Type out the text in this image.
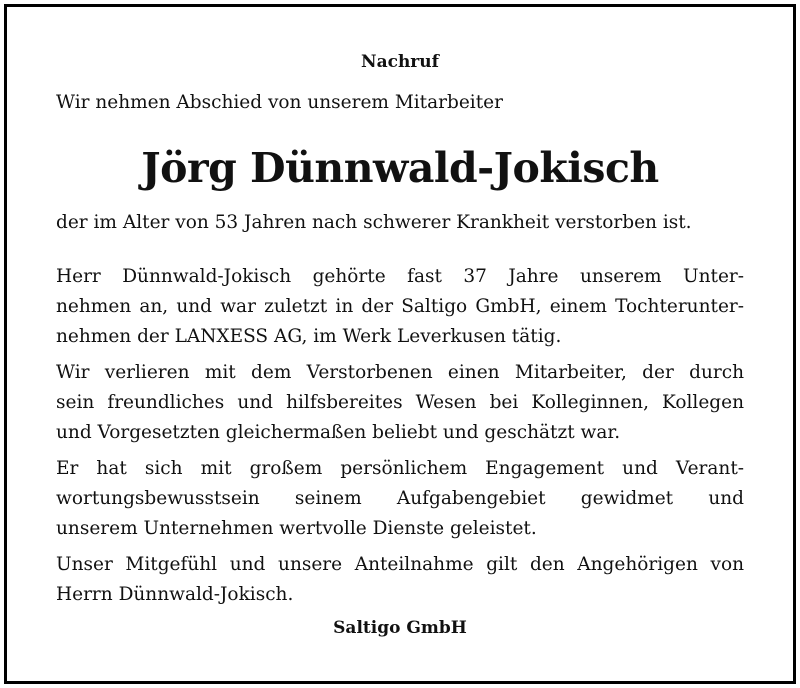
Nachruf
Wir nehmen Abschied von unserem Mitarbeiter
Jörg Dünnwald-Jokisch
der im Alter von 53 Jahren nach schwerer Krankheit verstorben ist.

Herr Dünnwald-Jokisch gehörte fast 37 Jahre unserem Unter-
nehmen an, und war zuletzt in der Saltigo GmbH, einem Tochterunter-
nehmen der LANXESS AG, im Werk Leverkusen tätig.

Wir verlieren mit dem Verstorbenen einen Mitarbeiter, der durch
sein freundliches und hilfsbereites Wesen bei Kolleginnen, Kollegen
und Vorgesetzten gleichermaßen beliebt und geschätzt war.

Er hat sich mit großem persönlichem Engagement und Verant-
wortungsbewusstsein seinem Aufgabengebiet gewidmet und
unserem Unternehmen wertvolle Dienste geleistet.

Unser Mitgefühl und unsere Anteilnahme gilt den Angehörigen von
Herrn Dünnwald-Jokisch.

Saltigo GmbH
